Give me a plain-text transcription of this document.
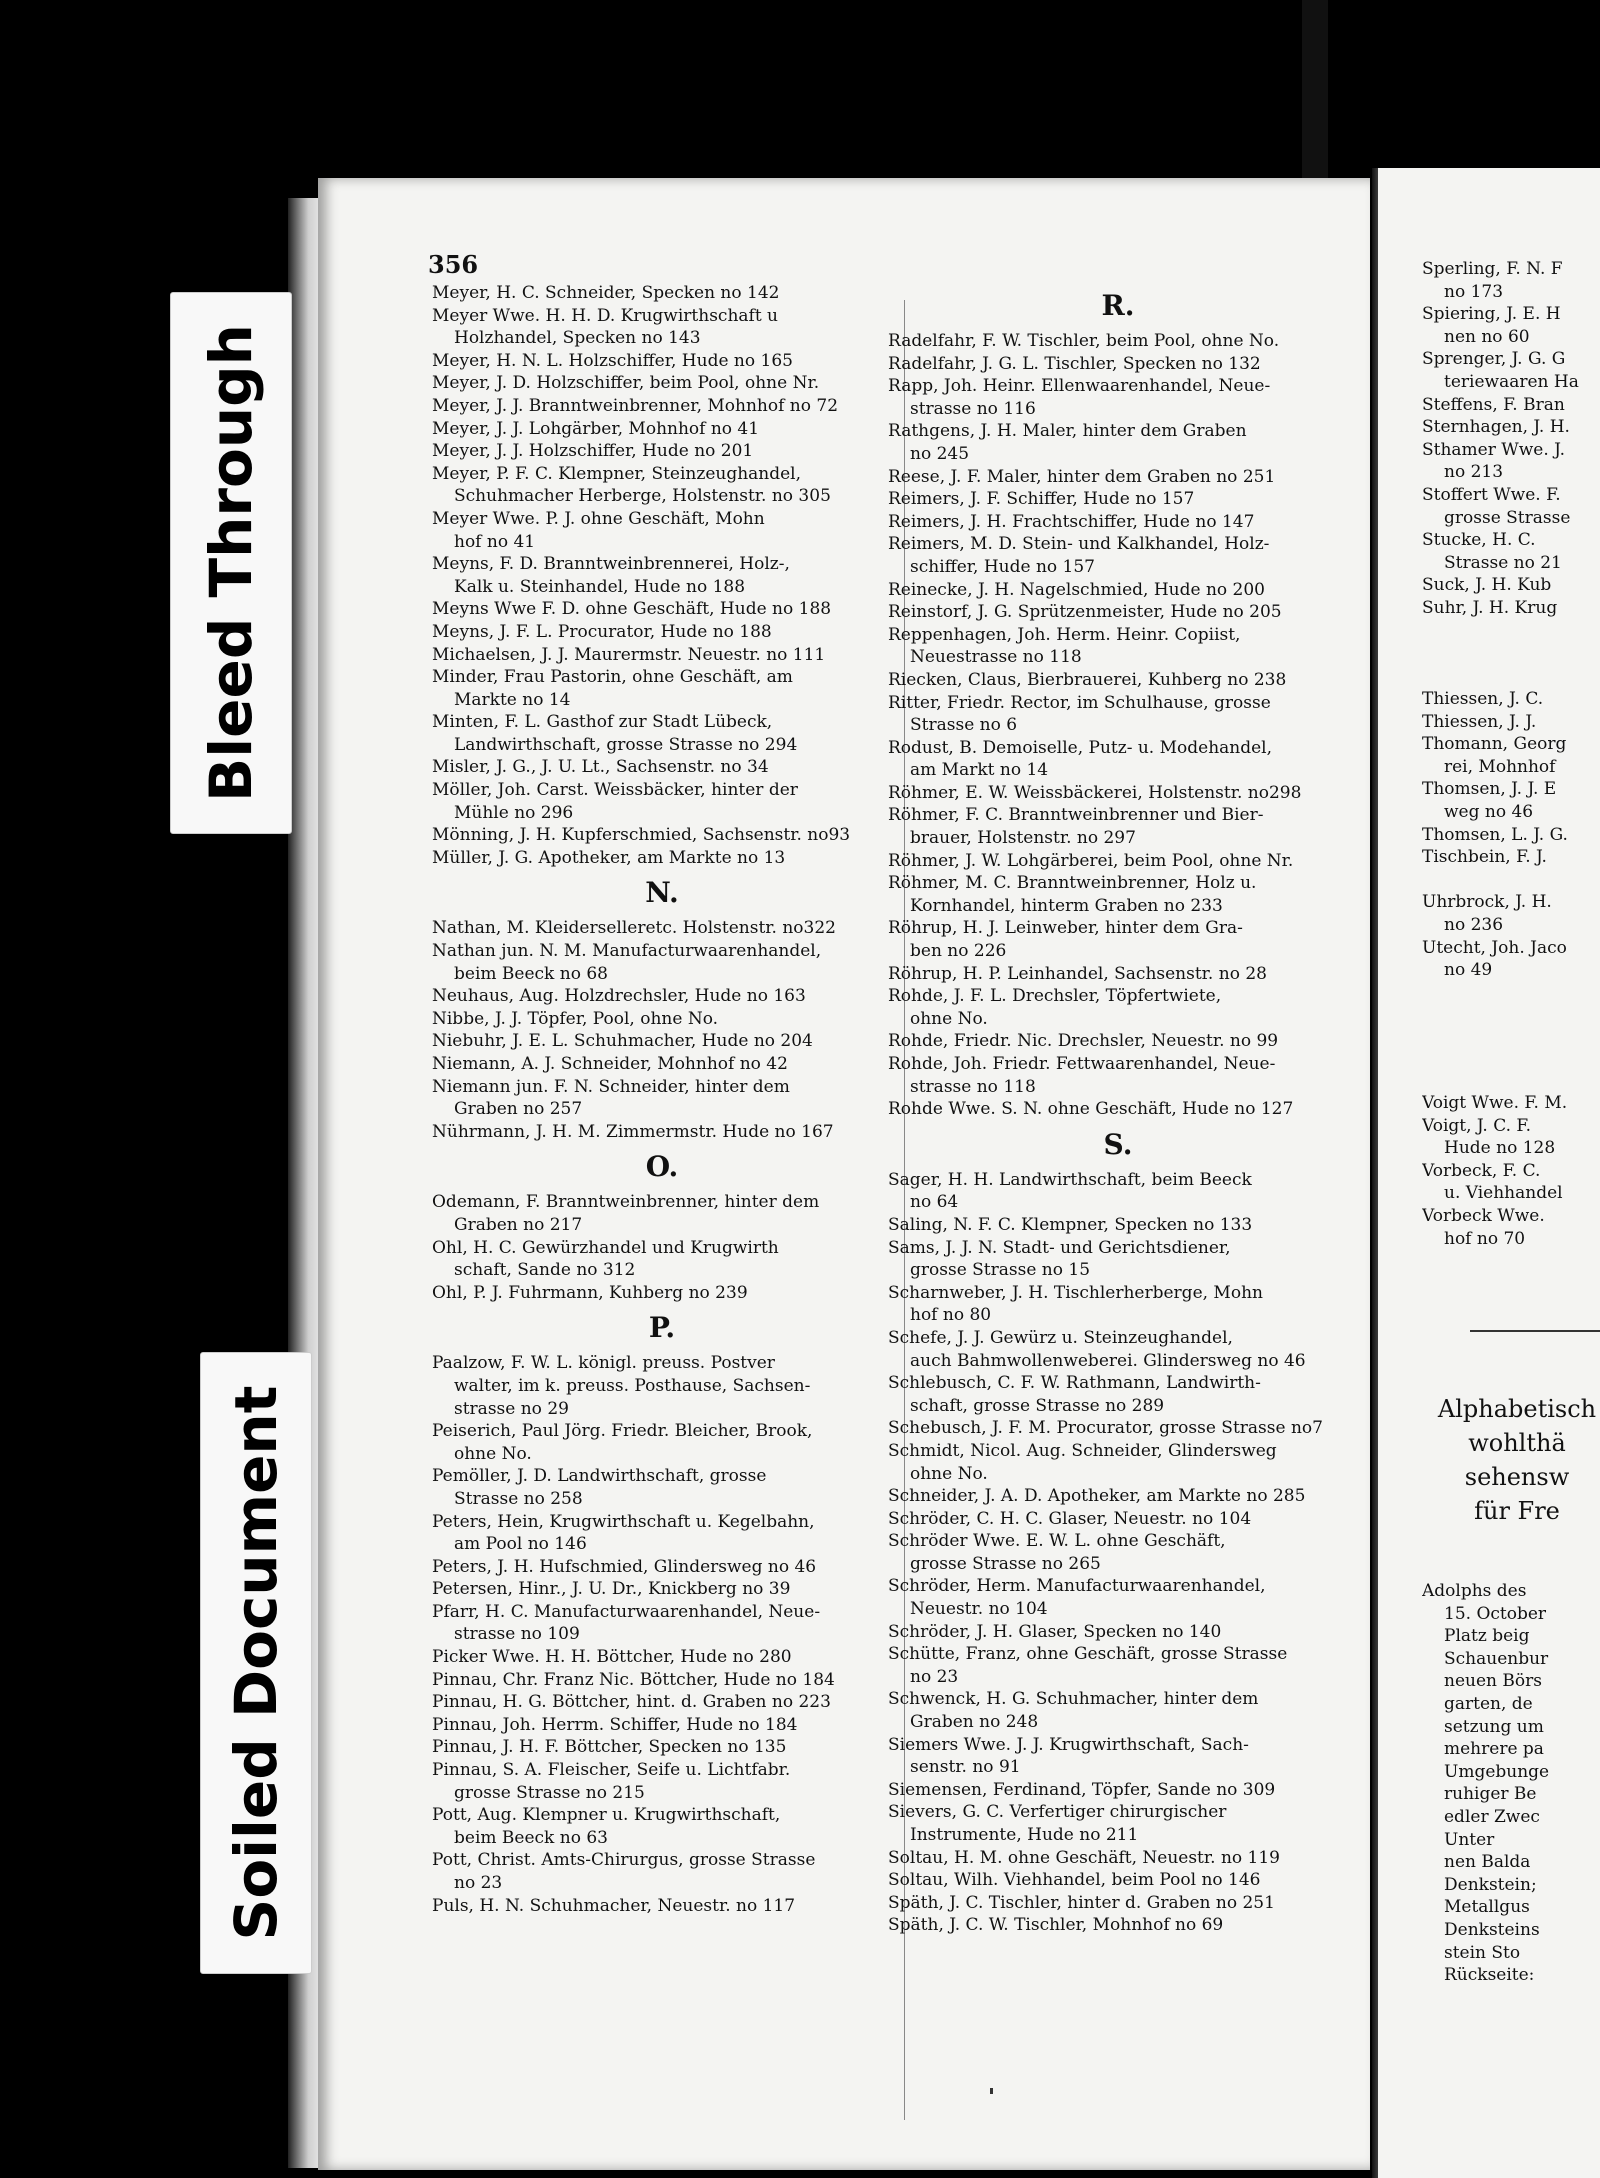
Bleed Through
Soiled Document
356
Meyer, H. C. Schneider, Specken no 142
Meyer Wwe. H. H. D. Krugwirthschaft u
Holzhandel, Specken no 143
Meyer, H. N. L. Holzschiffer, Hude no 165
Meyer, J. D. Holzschiffer, beim Pool, ohne Nr.
Meyer, J. J. Branntweinbrenner, Mohnhof no 72
Meyer, J. J. Lohgärber, Mohnhof no 41
Meyer, J. J. Holzschiffer, Hude no 201
Meyer, P. F. C. Klempner, Steinzeughandel,
Schuhmacher Herberge, Holstenstr. no 305
Meyer Wwe. P. J. ohne Geschäft, Mohn
hof no 41
Meyns, F. D. Branntweinbrennerei, Holz-,
Kalk u. Steinhandel, Hude no 188
Meyns Wwe F. D. ohne Geschäft, Hude no 188
Meyns, J. F. L. Procurator, Hude no 188
Michaelsen, J. J. Maurermstr. Neuestr. no 111
Minder, Frau Pastorin, ohne Geschäft, am
Markte no 14
Minten, F. L. Gasthof zur Stadt Lübeck,
Landwirthschaft, grosse Strasse no 294
Misler, J. G., J. U. Lt., Sachsenstr. no 34
Möller, Joh. Carst. Weissbäcker, hinter der
Mühle no 296
Mönning, J. H. Kupferschmied, Sachsenstr. no93
Müller, J. G. Apotheker, am Markte no 13
N.
Nathan, M. Kleiderselleretc. Holstenstr. no322
Nathan jun. N. M. Manufacturwaarenhandel,
beim Beeck no 68
Neuhaus, Aug. Holzdrechsler, Hude no 163
Nibbe, J. J. Töpfer, Pool, ohne No.
Niebuhr, J. E. L. Schuhmacher, Hude no 204
Niemann, A. J. Schneider, Mohnhof no 42
Niemann jun. F. N. Schneider, hinter dem
Graben no 257
Nührmann, J. H. M. Zimmermstr. Hude no 167
O.
Odemann, F. Branntweinbrenner, hinter dem
Graben no 217
Ohl, H. C. Gewürzhandel und Krugwirth
schaft, Sande no 312
Ohl, P. J. Fuhrmann, Kuhberg no 239
P.
Paalzow, F. W. L. königl. preuss. Postver
walter, im k. preuss. Posthause, Sachsen-
strasse no 29
Peiserich, Paul Jörg. Friedr. Bleicher, Brook,
ohne No.
Pemöller, J. D. Landwirthschaft, grosse
Strasse no 258
Peters, Hein, Krugwirthschaft u. Kegelbahn,
am Pool no 146
Peters, J. H. Hufschmied, Glindersweg no 46
Petersen, Hinr., J. U. Dr., Knickberg no 39
Pfarr, H. C. Manufacturwaarenhandel, Neue-
strasse no 109
Picker Wwe. H. H. Böttcher, Hude no 280
Pinnau, Chr. Franz Nic. Böttcher, Hude no 184
Pinnau, H. G. Böttcher, hint. d. Graben no 223
Pinnau, Joh. Herrm. Schiffer, Hude no 184
Pinnau, J. H. F. Böttcher, Specken no 135
Pinnau, S. A. Fleischer, Seife u. Lichtfabr.
grosse Strasse no 215
Pott, Aug. Klempner u. Krugwirthschaft,
beim Beeck no 63
Pott, Christ. Amts-Chirurgus, grosse Strasse
no 23
Puls, H. N. Schuhmacher, Neuestr. no 117
R.
Radelfahr, F. W. Tischler, beim Pool, ohne No.
Radelfahr, J. G. L. Tischler, Specken no 132
Rapp, Joh. Heinr. Ellenwaarenhandel, Neue-
strasse no 116
Rathgens, J. H. Maler, hinter dem Graben
no 245
Reese, J. F. Maler, hinter dem Graben no 251
Reimers, J. F. Schiffer, Hude no 157
Reimers, J. H. Frachtschiffer, Hude no 147
Reimers, M. D. Stein- und Kalkhandel, Holz-
schiffer, Hude no 157
Reinecke, J. H. Nagelschmied, Hude no 200
Reinstorf, J. G. Sprützenmeister, Hude no 205
Reppenhagen, Joh. Herm. Heinr. Copiist,
Neuestrasse no 118
Riecken, Claus, Bierbrauerei, Kuhberg no 238
Ritter, Friedr. Rector, im Schulhause, grosse
Strasse no 6
Rodust, B. Demoiselle, Putz- u. Modehandel,
am Markt no 14
Röhmer, E. W. Weissbäckerei, Holstenstr. no298
Röhmer, F. C. Branntweinbrenner und Bier-
brauer, Holstenstr. no 297
Röhmer, J. W. Lohgärberei, beim Pool, ohne Nr.
Röhmer, M. C. Branntweinbrenner, Holz u.
Kornhandel, hinterm Graben no 233
Röhrup, H. J. Leinweber, hinter dem Gra-
ben no 226
Röhrup, H. P. Leinhandel, Sachsenstr. no 28
Rohde, J. F. L. Drechsler, Töpfertwiete,
ohne No.
Rohde, Friedr. Nic. Drechsler, Neuestr. no 99
Rohde, Joh. Friedr. Fettwaarenhandel, Neue-
strasse no 118
Rohde Wwe. S. N. ohne Geschäft, Hude no 127
S.
Sager, H. H. Landwirthschaft, beim Beeck
no 64
Saling, N. F. C. Klempner, Specken no 133
Sams, J. J. N. Stadt- und Gerichtsdiener,
grosse Strasse no 15
Scharnweber, J. H. Tischlerherberge, Mohn
hof no 80
Schefe, J. J. Gewürz u. Steinzeughandel,
auch Bahmwollenweberei. Glindersweg no 46
Schlebusch, C. F. W. Rathmann, Landwirth-
schaft, grosse Strasse no 289
Schebusch, J. F. M. Procurator, grosse Strasse no7
Schmidt, Nicol. Aug. Schneider, Glindersweg
ohne No.
Schneider, J. A. D. Apotheker, am Markte no 285
Schröder, C. H. C. Glaser, Neuestr. no 104
Schröder Wwe. E. W. L. ohne Geschäft,
grosse Strasse no 265
Schröder, Herm. Manufacturwaarenhandel,
Neuestr. no 104
Schröder, J. H. Glaser, Specken no 140
Schütte, Franz, ohne Geschäft, grosse Strasse
no 23
Schwenck, H. G. Schuhmacher, hinter dem
Graben no 248
Siemers Wwe. J. J. Krugwirthschaft, Sach-
senstr. no 91
Siemensen, Ferdinand, Töpfer, Sande no 309
Sievers, G. C. Verfertiger chirurgischer
Instrumente, Hude no 211
Soltau, H. M. ohne Geschäft, Neuestr. no 119
Soltau, Wilh. Viehhandel, beim Pool no 146
Späth, J. C. Tischler, hinter d. Graben no 251
Späth, J. C. W. Tischler, Mohnhof no 69
Sperling, F. N. F
no 173
Spiering, J. E. H
nen no 60
Sprenger, J. G. G
teriewaaren Ha
Steffens, F. Bran
Sternhagen, J. H.
Sthamer Wwe. J.
no 213
Stoffert Wwe. F.
grosse Strasse
Stucke, H. C.
Strasse no 21
Suck, J. H. Kub
Suhr, J. H. Krug
Thiessen, J. C.
Thiessen, J. J.
Thomann, Georg
rei, Mohnhof
Thomsen, J. J. E
weg no 46
Thomsen, L. J. G.
Tischbein, F. J.

Uhrbrock, J. H.
no 236
Utecht, Joh. Jaco
no 49
Voigt Wwe. F. M.
Voigt, J. C. F.
Hude no 128
Vorbeck, F. C.
u. Viehhandel
Vorbeck Wwe.
hof no 70
Alphabetisch
wohlthä
sehensw
für Fre
Adolphs des
15. October
Platz beig
Schauenbur
neuen Börs
garten, de
setzung um
mehrere pa
Umgebunge
ruhiger Be
edler Zwec
Unter
nen Balda
Denkstein;
Metallgus
Denksteins
stein Sto
Rückseite:
